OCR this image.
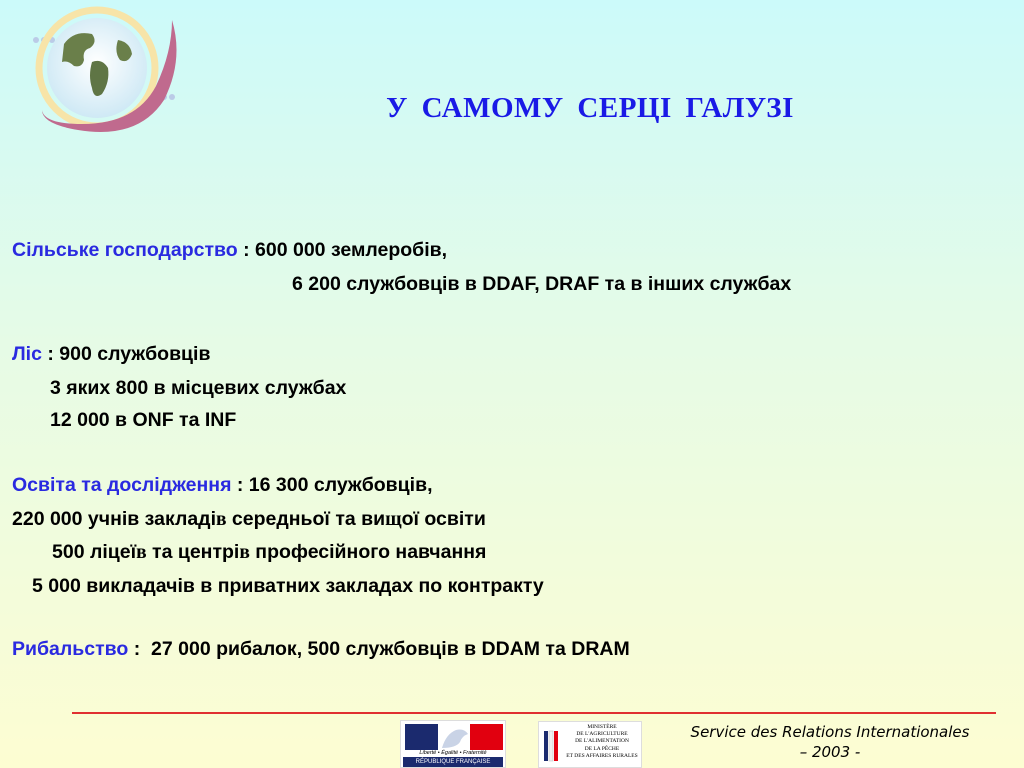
У САМОМУ СЕРЦІ ГАЛУЗІ
Сільське господарство : 600 000 землеробів,
6 200 службовців в DDAF, DRAF та в інших службах
Ліс : 900 службовців
3 яких 800 в місцевих службах
12 000 в ONF та INF
Освіта та дослідження : 16 300 службовців,
220 000 учнів закладів середньої та вищої освіти
500 ліцеїв та центрів професійного навчання
5 000 викладачів в приватних закладах по контракту
Рибальство :  27 000 рибалок, 500 службовців в DDAM та DRAM
Liberté • Égalité • Fraternité
RÉPUBLIQUE FRANÇAISE
MINISTÈRE
DE L'AGRICULTURE
DE L'ALIMENTATION
DE LA PÊCHE
ET DES AFFAIRES RURALES
Service des Relations Internationales
– 2003 -
